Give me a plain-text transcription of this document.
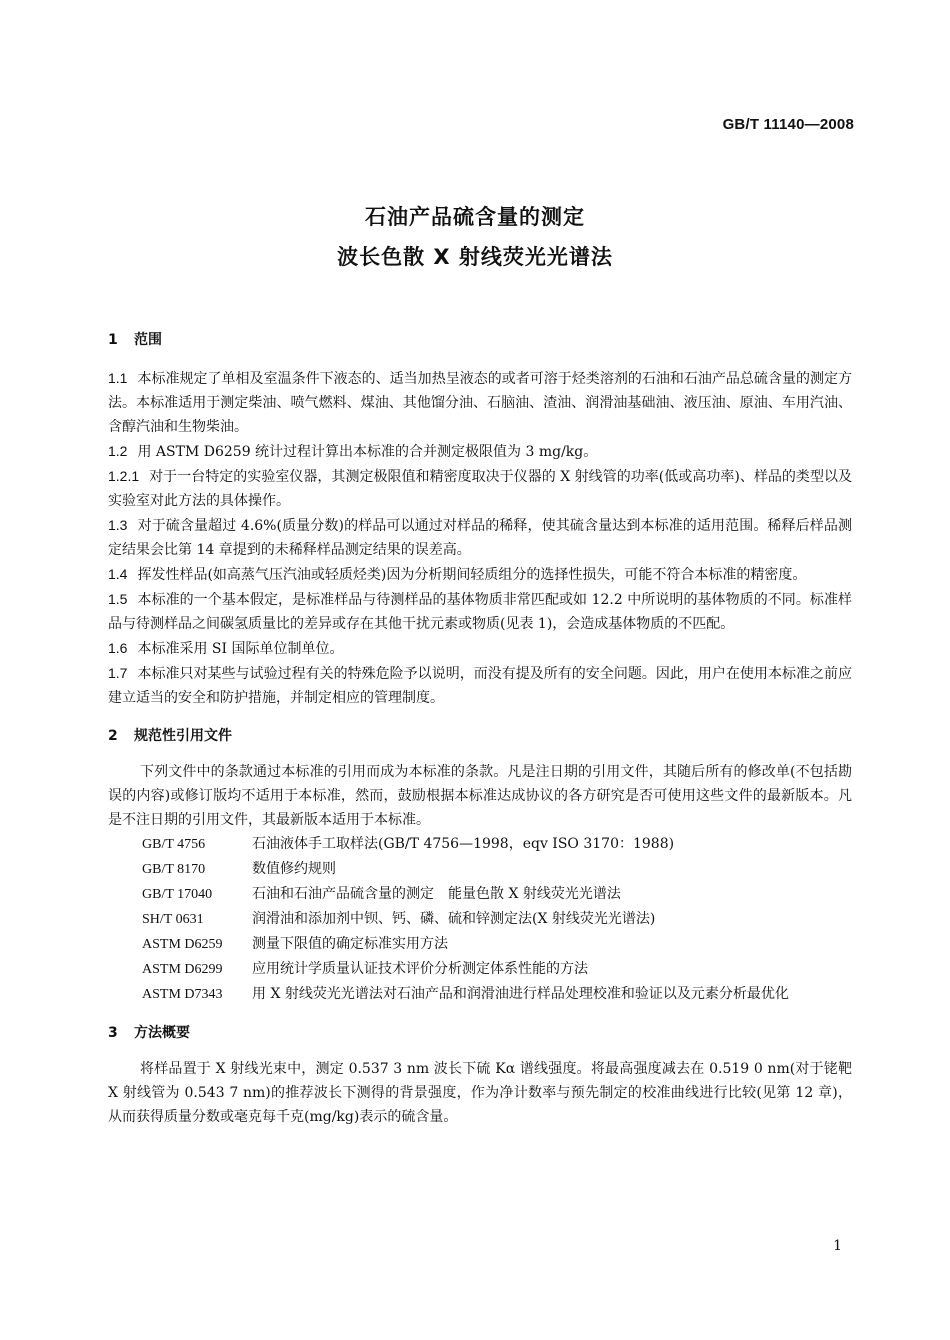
GB/T 11140—2008
石油产品硫含量的测定
波长色散 X 射线荧光光谱法
1 范围

1.1 本标准规定了单相及室温条件下液态的、适当加热呈液态的或者可溶于烃类溶剂的石油和石油产品总硫含量的测定方法。本标准适用于测定柴油、喷气燃料、煤油、其他馏分油、石脑油、渣油、润滑油基础油、液压油、原油、车用汽油、含醇汽油和生物柴油。

1.2 用 ASTM D6259 统计过程计算出本标准的合并测定极限值为 3 mg/kg。

1.2.1 对于一台特定的实验室仪器，其测定极限值和精密度取决于仪器的 X 射线管的功率(低或高功率)、样品的类型以及实验室对此方法的具体操作。

1.3 对于硫含量超过 4.6%(质量分数)的样品可以通过对样品的稀释，使其硫含量达到本标准的适用范围。稀释后样品测定结果会比第 14 章提到的未稀释样品测定结果的误差高。

1.4 挥发性样品(如高蒸气压汽油或轻质烃类)因为分析期间轻质组分的选择性损失，可能不符合本标准的精密度。

1.5 本标准的一个基本假定，是标准样品与待测样品的基体物质非常匹配或如 12.2 中所说明的基体物质的不同。标准样品与待测样品之间碳氢质量比的差异或存在其他干扰元素或物质(见表 1)，会造成基体物质的不匹配。

1.6 本标准采用 SI 国际单位制单位。

1.7 本标准只对某些与试验过程有关的特殊危险予以说明，而没有提及所有的安全问题。因此，用户在使用本标准之前应建立适当的安全和防护措施，并制定相应的管理制度。

2 规范性引用文件

下列文件中的条款通过本标准的引用而成为本标准的条款。凡是注日期的引用文件，其随后所有的修改单(不包括勘误的内容)或修订版均不适用于本标准，然而，鼓励根据本标准达成协议的各方研究是否可使用这些文件的最新版本。凡是不注日期的引用文件，其最新版本适用于本标准。

GB/T 4756	石油液体手工取样法(GB/T 4756—1998，eqv ISO 3170：1988)

GB/T 8170	数值修约规则

GB/T 17040	石油和石油产品硫含量的测定　能量色散 X 射线荧光光谱法

SH/T 0631	润滑油和添加剂中钡、钙、磷、硫和锌测定法(X 射线荧光光谱法)

ASTM D6259 测量下限值的确定标准实用方法

ASTM D6299 应用统计学质量认证技术评价分析测定体系性能的方法

ASTM D7343 用 X 射线荧光光谱法对石油产品和润滑油进行样品处理校准和验证以及元素分析最优化

3 方法概要

将样品置于 X 射线光束中，测定 0.537 3 nm 波长下硫 Kα 谱线强度。将最高强度减去在 0.519 0 nm(对于铑靶 X 射线管为 0.543 7 nm)的推荐波长下测得的背景强度，作为净计数率与预先制定的校准曲线进行比较(见第 12 章)，从而获得质量分数或毫克每千克(mg/kg)表示的硫含量。

1
